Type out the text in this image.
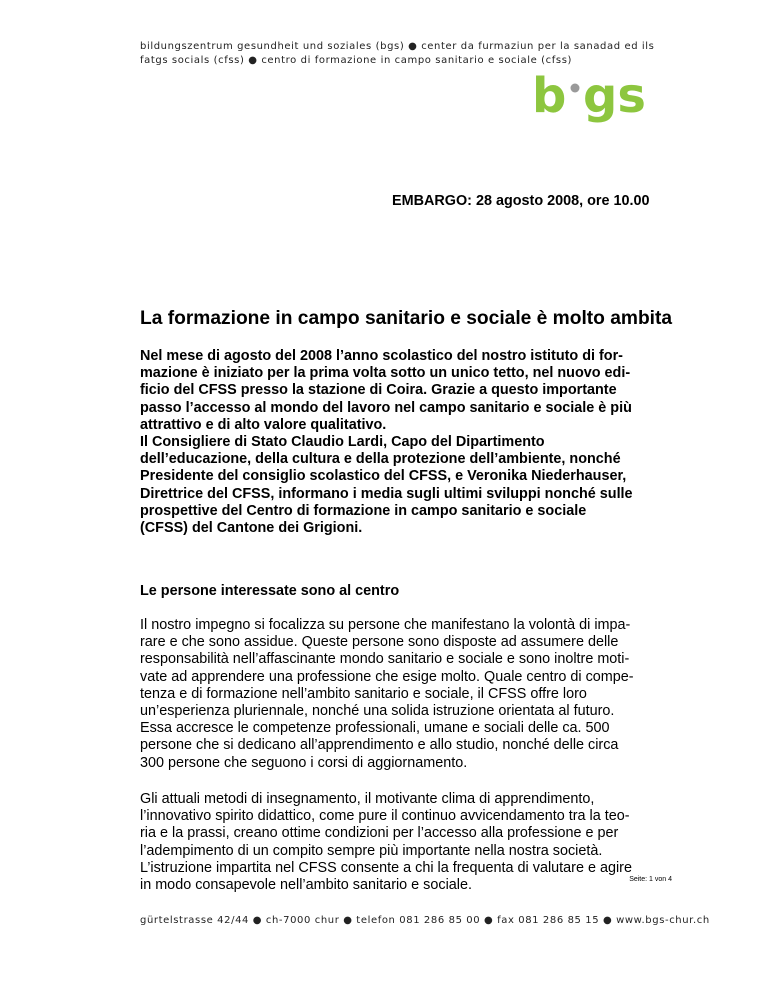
bildungszentrum gesundheit und soziales (bgs) ● center da furmaziun per la sanadad ed ils
fatgs socials (cfss) ● centro di formazione in campo sanitario e sociale (cfss)
b gs
EMBARGO: 28 agosto 2008, ore 10.00
La formazione in campo sanitario e sociale è molto ambita
Nel mese di agosto del 2008 l’anno scolastico del nostro istituto di for-
mazione è iniziato per la prima volta sotto un unico tetto, nel nuovo edi-
ficio del CFSS presso la stazione di Coira. Grazie a questo importante
passo l’accesso al mondo del lavoro nel campo sanitario e sociale è più
attrattivo e di alto valore qualitativo.
Il Consigliere di Stato Claudio Lardi, Capo del Dipartimento
dell’educazione, della cultura e della protezione dell’ambiente, nonché
Presidente del consiglio scolastico del CFSS, e Veronika Niederhauser,
Direttrice del CFSS, informano i media sugli ultimi sviluppi nonché sulle
prospettive del Centro di formazione in campo sanitario e sociale
(CFSS) del Cantone dei Grigioni.
Le persone interessate sono al centro
Il nostro impegno si focalizza su persone che manifestano la volontà di impa-
rare e che sono assidue. Queste persone sono disposte ad assumere delle
responsabilità nell’affascinante mondo sanitario e sociale e sono inoltre moti-
vate ad apprendere una professione che esige molto. Quale centro di compe-
tenza e di formazione nell’ambito sanitario e sociale, il CFSS offre loro
un’esperienza pluriennale, nonché una solida istruzione orientata al futuro.
Essa accresce le competenze professionali, umane e sociali delle ca. 500
persone che si dedicano all’apprendimento e allo studio, nonché delle circa
300 persone che seguono i corsi di aggiornamento.
Gli attuali metodi di insegnamento, il motivante clima di apprendimento,
l’innovativo spirito didattico, come pure il continuo avvicendamento tra la teo-
ria e la prassi, creano ottime condizioni per l’accesso alla professione e per
l’adempimento di un compito sempre più importante nella nostra società.
L’istruzione impartita nel CFSS consente a chi la frequenta di valutare e agire
in modo consapevole nell’ambito sanitario e sociale.	Seite: 1 von 4
gürtelstrasse 42/44 ● ch-7000 chur ● telefon 081 286 85 00 ● fax 081 286 85 15 ● www.bgs-chur.ch
